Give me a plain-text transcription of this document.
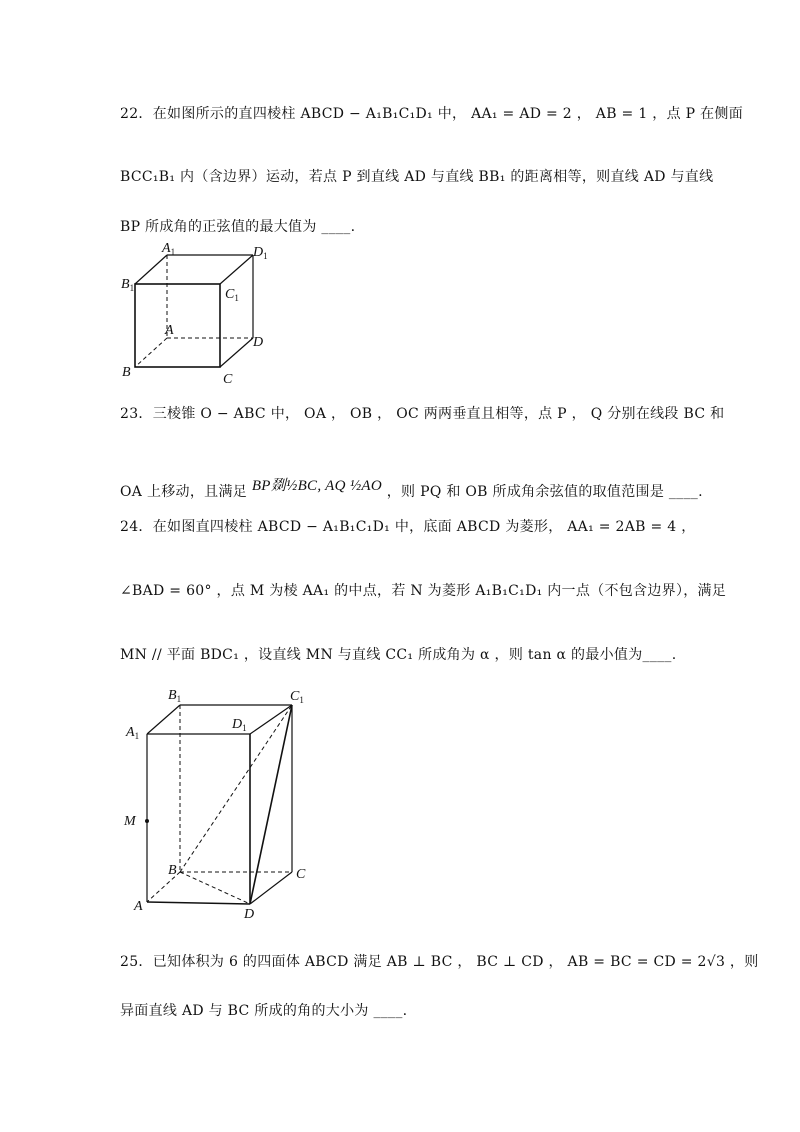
22．在如图所示的直四棱柱 ABCD − A₁B₁C₁D₁ 中， AA₁ = AD = 2 ， AB = 1 ，点 P 在侧面
BCC₁B₁ 内（含边界）运动，若点 P 到直线 AD 与直线 BB₁ 的距离相等，则直线 AD 与直线
BP 所成角的正弦值的最大值为 ____.
$A_1$	$D_1$
$B_1$	$C_1$
A
D
B	C
23．三棱锥 O − ABC 中， OA ， OB ， OC 两两垂直且相等，点 P ， Q 分别在线段 BC 和
OA 上移动，且满足 BP剟½BC, AQ ½AO ，则 PQ 和 OB 所成角余弦值的取值范围是 ____.
24．在如图直四棱柱 ABCD − A₁B₁C₁D₁ 中，底面 ABCD 为菱形， AA₁ = 2AB = 4 ，
∠BAD = 60° ，点 M 为棱 AA₁ 的中点，若 N 为菱形 A₁B₁C₁D₁ 内一点（不包含边界），满足
MN // 平面 BDC₁ ，设直线 MN 与直线 CC₁ 所成角为 α ，则 tan α 的最小值为____.
$B_1$	$C_1$
$A_1$
$D_1$
M
B	C
A
D
25．已知体积为 6 的四面体 ABCD 满足 AB ⊥ BC ， BC ⊥ CD ， AB = BC = CD = 2√3 ，则
异面直线 AD 与 BC 所成的角的大小为 ____.
